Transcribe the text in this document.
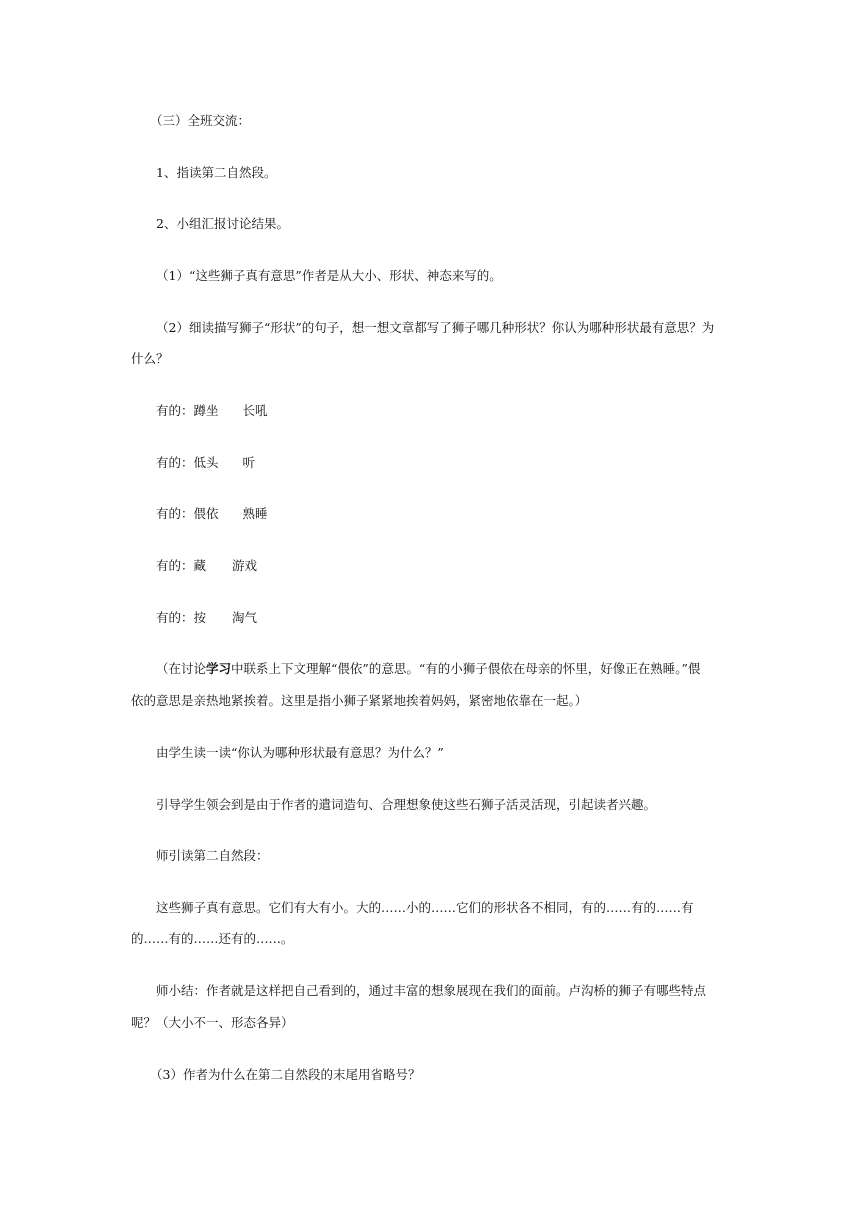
（三）全班交流：
1、指读第二自然段。
2、小组汇报讨论结果。
（1）“这些狮子真有意思”作者是从大小、形状、神态来写的。
（2）细读描写狮子“形状”的句子，想一想文章都写了狮子哪几种形状？你认为哪种形状最有意思？为
什么？
有的：蹲坐 长吼
有的：低头 听
有的：偎依 熟睡
有的：藏 游戏
有的：按 淘气
（在讨论学习中联系上下文理解“偎依”的意思。“有的小狮子偎依在母亲的怀里，好像正在熟睡。”偎
依的意思是亲热地紧挨着。这里是指小狮子紧紧地挨着妈妈，紧密地依靠在一起。）
由学生读一读“你认为哪种形状最有意思？为什么？”
引导学生领会到是由于作者的遣词造句、合理想象使这些石狮子活灵活现，引起读者兴趣。
师引读第二自然段：
这些狮子真有意思。它们有大有小。大的……小的……它们的形状各不相同，有的……有的……有
的……有的……还有的……。
师小结：作者就是这样把自己看到的，通过丰富的想象展现在我们的面前。卢沟桥的狮子有哪些特点
呢？（大小不一、形态各异）
（3）作者为什么在第二自然段的末尾用省略号？
